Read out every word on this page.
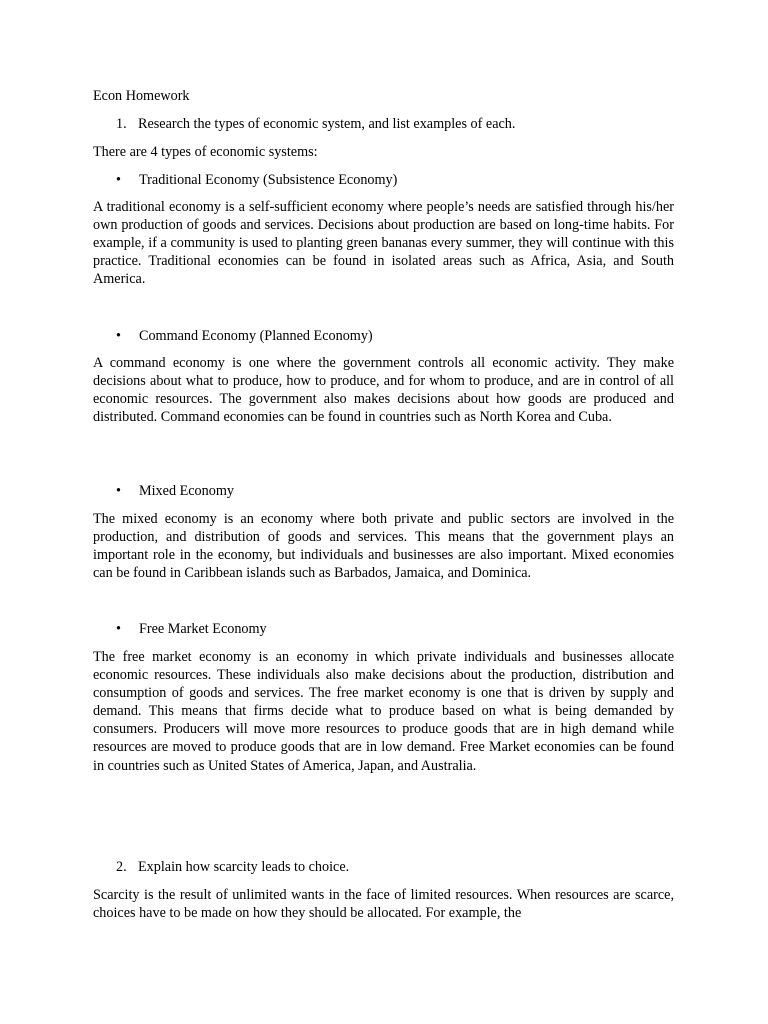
Econ Homework
1. Research the types of economic system, and list examples of each.
There are 4 types of economic systems:
• Traditional Economy (Subsistence Economy)
A traditional economy is a self-sufficient economy where people’s needs are satisfied through his/her own production of goods and services. Decisions about production are based on long-time habits. For example, if a community is used to planting green bananas every summer, they will continue with this practice. Traditional economies can be found in isolated areas such as Africa, Asia, and South America.
• Command Economy (Planned Economy)
A command economy is one where the government controls all economic activity. They make decisions about what to produce, how to produce, and for whom to produce, and are in control of all economic resources. The government also makes decisions about how goods are produced and distributed. Command economies can be found in countries such as North Korea and Cuba.
• Mixed Economy
The mixed economy is an economy where both private and public sectors are involved in the production, and distribution of goods and services. This means that the government plays an important role in the economy, but individuals and businesses are also important. Mixed economies can be found in Caribbean islands such as Barbados, Jamaica, and Dominica.
• Free Market Economy
The free market economy is an economy in which private individuals and businesses allocate economic resources. These individuals also make decisions about the production, distribution and consumption of goods and services. The free market economy is one that is driven by supply and demand. This means that firms decide what to produce based on what is being demanded by consumers. Producers will move more resources to produce goods that are in high demand while resources are moved to produce goods that are in low demand. Free Market economies can be found in countries such as United States of America, Japan, and Australia.
2. Explain how scarcity leads to choice.
Scarcity is the result of unlimited wants in the face of limited resources. When resources are scarce, choices have to be made on how they should be allocated. For example, the
